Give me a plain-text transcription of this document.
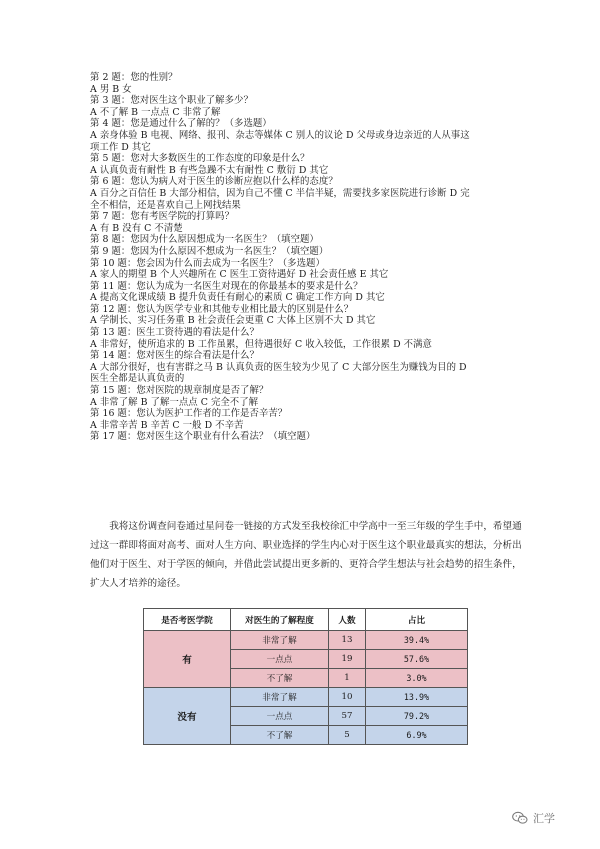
第 2 题：您的性别？
A 男 B 女
第 3 题：您对医生这个职业了解多少？
A 不了解 B 一点点 C 非常了解
第 4 题：您是通过什么了解的？（多选题）
A 亲身体验 B 电视、网络、报刊、杂志等媒体 C 别人的议论 D 父母或身边亲近的人从事这
项工作 D 其它
第 5 题：您对大多数医生的工作态度的印象是什么？
A 认真负责有耐性 B 有些急躁不太有耐性 C 敷衍 D 其它
第 6 题：您认为病人对于医生的诊断应抱以什么样的态度？
A 百分之百信任 B 大部分相信，因为自己不懂 C 半信半疑，需要找多家医院进行诊断 D 完
全不相信，还是喜欢自己上网找结果
第 7 题：您有考医学院的打算吗？
A 有 B 没有 C 不清楚
第 8 题：您因为什么原因想成为一名医生？（填空题）
第 9 题：您因为什么原因不想成为一名医生？（填空题）
第 10 题：您会因为什么而去成为一名医生？（多选题）
A 家人的期望 B 个人兴趣所在 C 医生工资待遇好 D 社会责任感 E 其它
第 11 题：您认为成为一名医生对现在的你最基本的要求是什么？
A 提高文化课成绩 B 提升负责任有耐心的素质 C 确定工作方向 D 其它
第 12 题：您认为医学专业和其他专业相比最大的区别是什么？
A 学制长、实习任务重 B 社会责任会更重 C 大体上区别不大 D 其它
第 13 题：医生工资待遇的看法是什么？
A 非常好，使所追求的 B 工作虽累，但待遇很好 C 收入较低，工作很累 D 不满意
第 14 题：您对医生的综合看法是什么？
A 大部分很好，也有害群之马 B 认真负责的医生较为少见了 C 大部分医生为赚钱为目的 D
医生全都是认真负责的
第 15 题：您对医院的规章制度是否了解？
A 非常了解 B 了解一点点 C 完全不了解
第 16 题：您认为医护工作者的工作是否辛苦？
A 非常辛苦 B 辛苦 C 一般 D 不辛苦
第 17 题：您对医生这个职业有什么看法？（填空题）
我将这份调查问卷通过星问卷一链接的方式发至我校徐汇中学高中一至三年级的学生手中，希望通过这一群即将面对高考、面对人生方向、职业选择的学生内心对于医生这个职业最真实的想法，分析出他们对于医生、对于学医的倾向，并借此尝试提出更多新的、更符合学生想法与社会趋势的招生条件，扩大人才培养的途径。
是否考医学院	对医生的了解程度	人数	占比
有	非常了解	13	39.4%
	一点点	19	57.6%
	不了解	1	3.0%
没有	非常了解	10	13.9%
	一点点	57	79.2%
	不了解	5	6.9%
汇学
